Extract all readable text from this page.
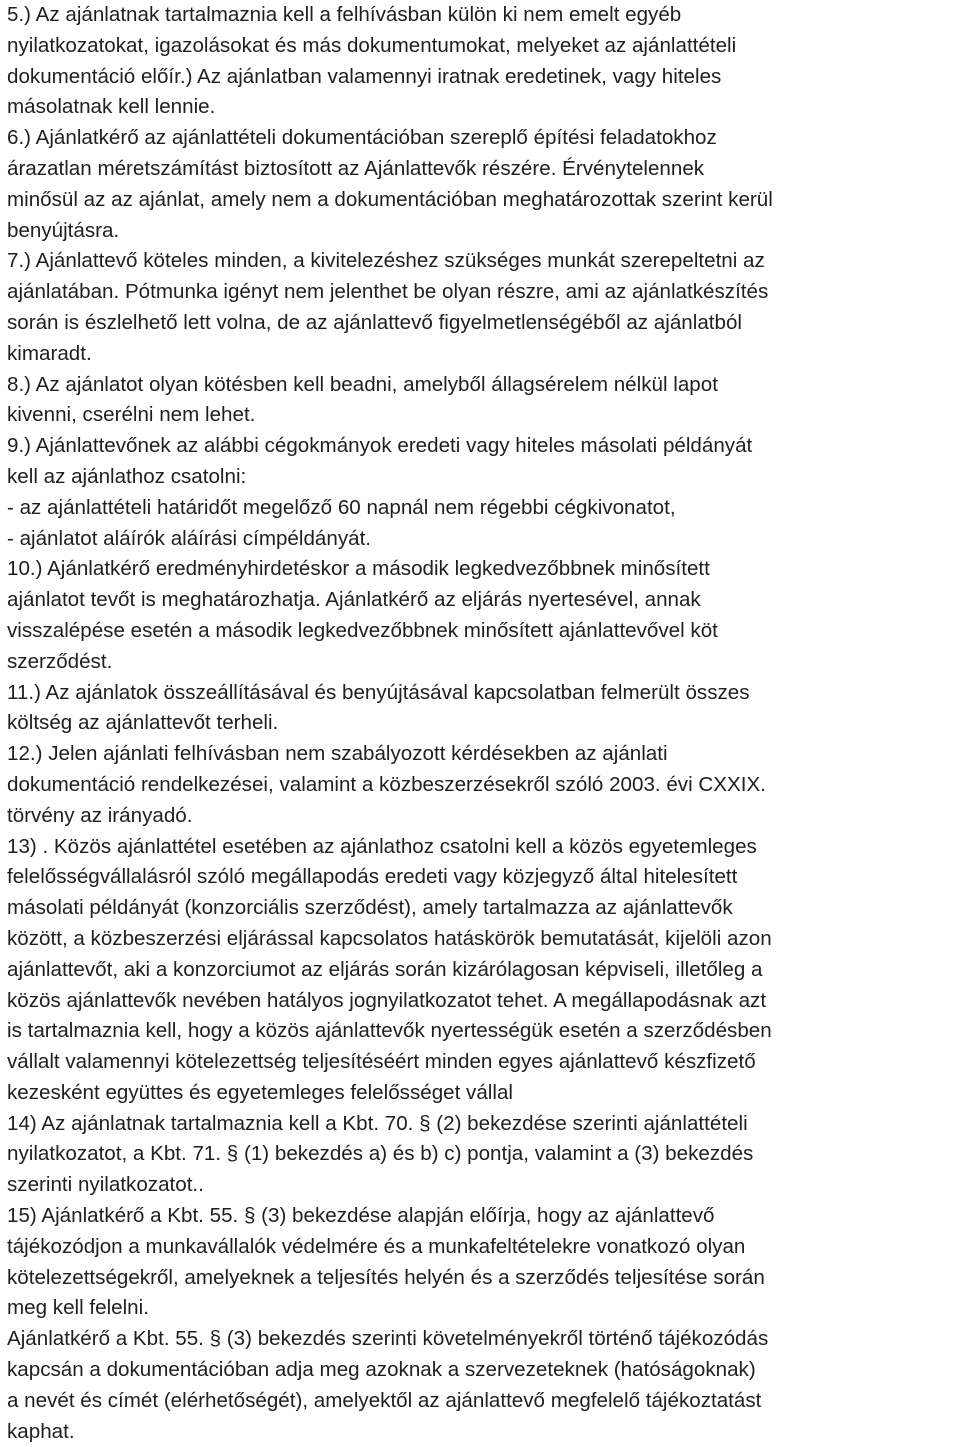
5.) Az ajánlatnak tartalmaznia kell a felhívásban külön ki nem emelt egyéb
nyilatkozatokat, igazolásokat és más dokumentumokat, melyeket az ajánlattételi
dokumentáció előír.) Az ajánlatban valamennyi iratnak eredetinek, vagy hiteles
másolatnak kell lennie.
6.) Ajánlatkérő az ajánlattételi dokumentációban szereplő építési feladatokhoz
árazatlan méretszámítást biztosított az Ajánlattevők részére. Érvénytelennek
minősül az az ajánlat, amely nem a dokumentációban meghatározottak szerint kerül
benyújtásra.
7.) Ajánlattevő köteles minden, a kivitelezéshez szükséges munkát szerepeltetni az
ajánlatában. Pótmunka igényt nem jelenthet be olyan részre, ami az ajánlatkészítés
során is észlelhető lett volna, de az ajánlattevő figyelmetlenségéből az ajánlatból
kimaradt.
8.) Az ajánlatot olyan kötésben kell beadni, amelyből állagsérelem nélkül lapot
kivenni, cserélni nem lehet.
9.) Ajánlattevőnek az alábbi cégokmányok eredeti vagy hiteles másolati példányát
kell az ajánlathoz csatolni:
- az ajánlattételi határidőt megelőző 60 napnál nem régebbi cégkivonatot,
- ajánlatot aláírók aláírási címpéldányát.
10.) Ajánlatkérő eredményhirdetéskor a második legkedvezőbbnek minősített
ajánlatot tevőt is meghatározhatja. Ajánlatkérő az eljárás nyertesével, annak
visszalépése esetén a második legkedvezőbbnek minősített ajánlattevővel köt
szerződést.
11.) Az ajánlatok összeállításával és benyújtásával kapcsolatban felmerült összes
költség az ajánlattevőt terheli.
12.) Jelen ajánlati felhívásban nem szabályozott kérdésekben az ajánlati
dokumentáció rendelkezései, valamint a közbeszerzésekről szóló 2003. évi CXXIX.
törvény az irányadó.
13) . Közös ajánlattétel esetében az ajánlathoz csatolni kell a közös egyetemleges
felelősségvállalásról szóló megállapodás eredeti vagy közjegyző által hitelesített
másolati példányát (konzorciális szerződést), amely tartalmazza az ajánlattevők
között, a közbeszerzési eljárással kapcsolatos hatáskörök bemutatását, kijelöli azon
ajánlattevőt, aki a konzorciumot az eljárás során kizárólagosan képviseli, illetőleg a
közös ajánlattevők nevében hatályos jognyilatkozatot tehet. A megállapodásnak azt
is tartalmaznia kell, hogy a közös ajánlattevők nyertességük esetén a szerződésben
vállalt valamennyi kötelezettség teljesítéséért minden egyes ajánlattevő készfizető
kezesként együttes és egyetemleges felelősséget vállal
14) Az ajánlatnak tartalmaznia kell a Kbt. 70. § (2) bekezdése szerinti ajánlattételi
nyilatkozatot, a Kbt. 71. § (1) bekezdés a) és b) c) pontja, valamint a (3) bekezdés
szerinti nyilatkozatot..
15) Ajánlatkérő a Kbt. 55. § (3) bekezdése alapján előírja, hogy az ajánlattevő
tájékozódjon a munkavállalók védelmére és a munkafeltételekre vonatkozó olyan
kötelezettségekről, amelyeknek a teljesítés helyén és a szerződés teljesítése során
meg kell felelni.
Ajánlatkérő a Kbt. 55. § (3) bekezdés szerinti követelményekről történő tájékozódás
kapcsán a dokumentációban adja meg azoknak a szervezeteknek (hatóságoknak)
a nevét és címét (elérhetőségét), amelyektől az ajánlattevő megfelelő tájékoztatást
kaphat.
